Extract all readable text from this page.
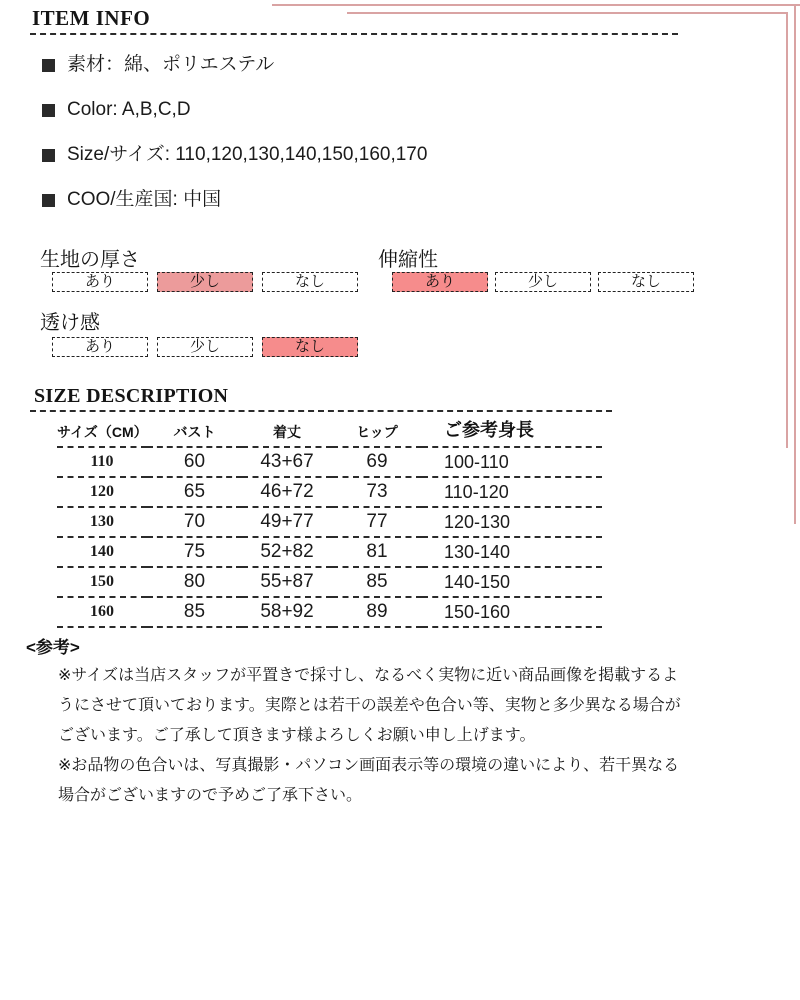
ITEM INFO
素材：綿、ポリエステル
Color: A,B,C,D
Size/サイズ: 110,120,130,140,150,160,170
COO/生産国: 中国
生地の厚さ
あり	少し	なし
伸縮性
あり	少し	なし
透け感
あり	少し	なし
SIZE DESCRIPTION
サイズ（CM）	バスト	着丈	ヒップ	ご参考身長
110	60	43+67	69	100-110
120	65	46+72	73	110-120
130	70	49+77	77	120-130
140	75	52+82	81	130-140
150	80	55+87	85	140-150
160	85	58+92	89	150-160
<参考>

※サイズは当店スタッフが平置きで採寸し、なるべく実物に近い商品画像を掲載するようにさせて頂いております。実際とは若干の誤差や色合い等、実物と多少異なる場合がございます。ご了承して頂きます様よろしくお願い申し上げます。

※お品物の色合いは、写真撮影・パソコン画面表示等の環境の違いにより、若干異なる場合がございますので予めご了承下さい。
